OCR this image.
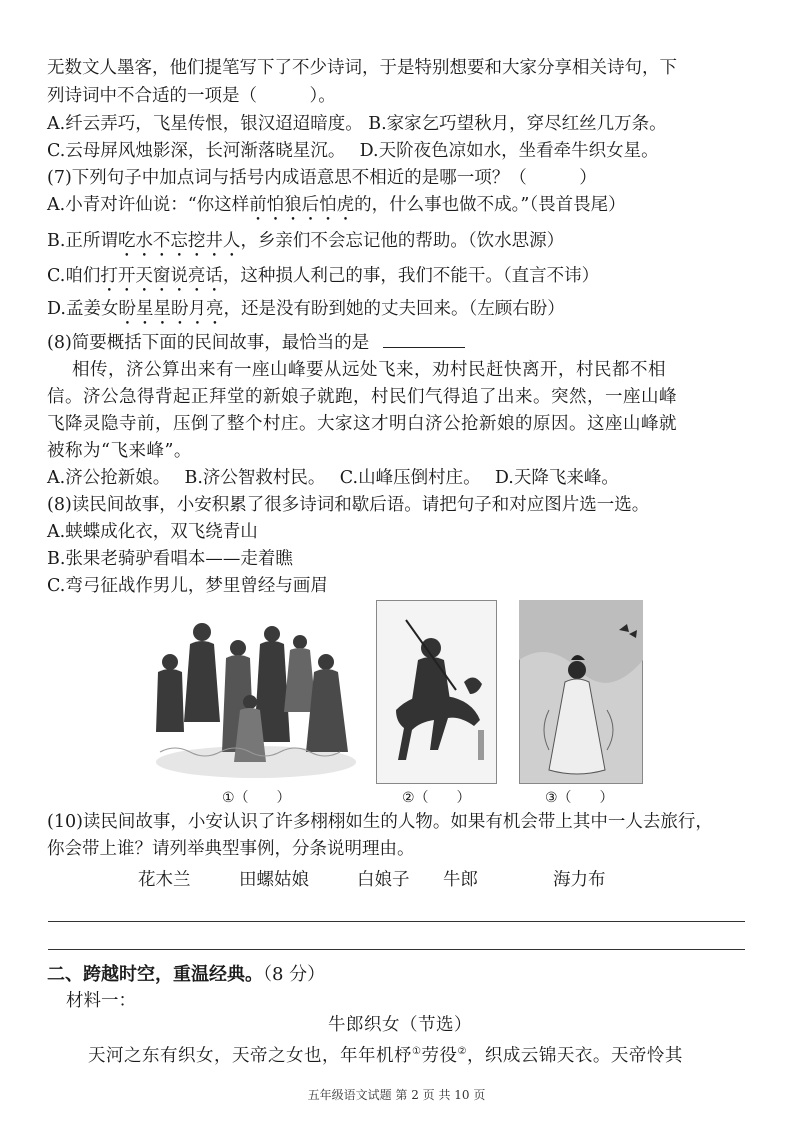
无数文人墨客，他们提笔写下了不少诗词，于是特别想要和大家分享相关诗句，下
列诗词中不合适的一项是（　　　）。
A.纤云弄巧，飞星传恨，银汉迢迢暗度。 B.家家乞巧望秋月，穿尽红丝几万条。
C.云母屏风烛影深，长河渐落晓星沉。　 D.天阶夜色凉如水，坐看牵牛织女星。
(7)下列句子中加点词与括号内成语意思不相近的是哪一项？（　　　）
A.小青对许仙说：“你这样前怕狼后怕虎的，什么事也做不成。”（畏首畏尾）
B.正所谓吃水不忘挖井人，乡亲们不会忘记他的帮助。（饮水思源）
C.咱们打开天窗说亮话，这种损人利己的事，我们不能干。（直言不讳）
D.孟姜女盼星星盼月亮，还是没有盼到她的丈夫回来。（左顾右盼）
(8)简要概括下面的民间故事，最恰当的是
相传，济公算出来有一座山峰要从远处飞来，劝村民赶快离开，村民都不相
信。济公急得背起正拜堂的新娘子就跑，村民们气得追了出来。突然，一座山峰
飞降灵隐寺前，压倒了整个村庄。大家这才明白济公抢新娘的原因。这座山峰就
被称为“飞来峰”。
A.济公抢新娘。　 B.济公智救村民。　 C.山峰压倒村庄。　 D.天降飞来峰。
(8)读民间故事，小安积累了很多诗词和歇后语。请把句子和对应图片选一选。
A.蛱蝶成化衣，双飞绕青山
B.张果老骑驴看唱本——走着瞧
C.弯弓征战作男儿，梦里曾经与画眉
①（　　）	②（　　）	③（　　）
(10)读民间故事，小安认识了许多栩栩如生的人物。如果有机会带上其中一人去旅行，
你会带上谁？请列举典型事例，分条说明理由。
花木兰	田螺姑娘	白娘子 牛郎	海力布
二、跨越时空，重温经典。（8 分）
材料一：
牛郎织女（节选）
天河之东有织女，天帝之女也，年年机杼①劳役②，织成云锦天衣。天帝怜其
五年级语文试题 第 2 页 共 10 页
